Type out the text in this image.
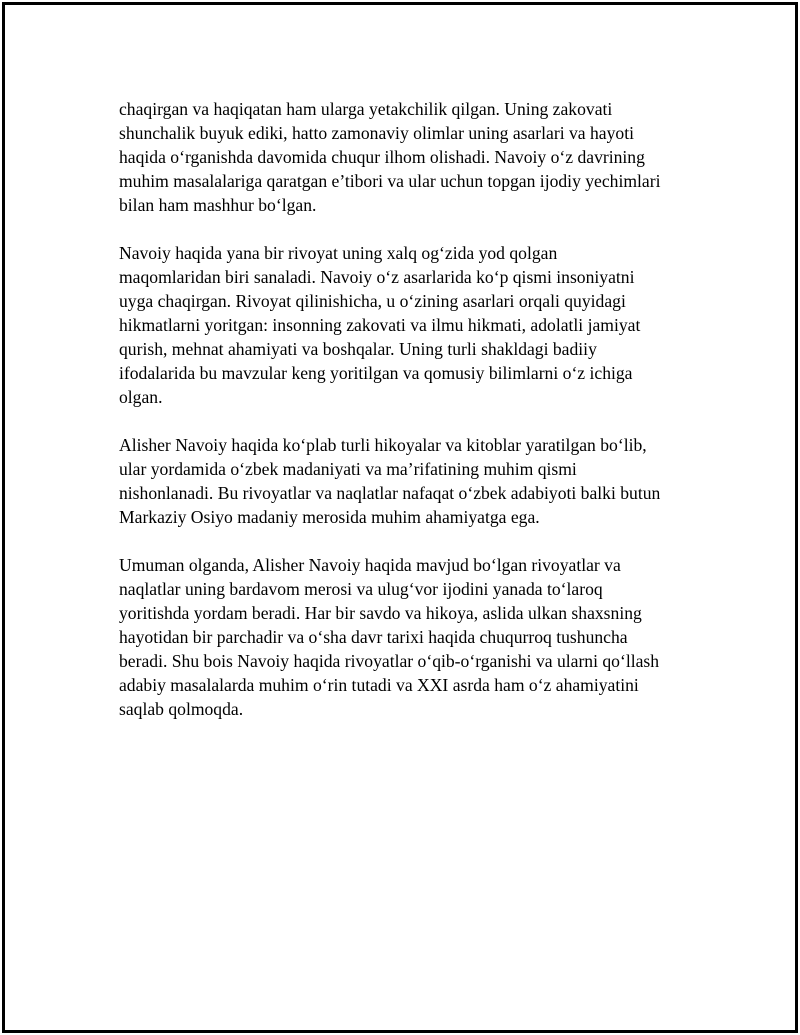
chaqirgan va haqiqatan ham ularga yetakchilik qilgan. Uning zakovati
shunchalik buyuk ediki, hatto zamonaviy olimlar uning asarlari va hayoti
haqida o‘rganishda davomida chuqur ilhom olishadi. Navoiy o‘z davrining
muhim masalalariga qaratgan e’tibori va ular uchun topgan ijodiy yechimlari
bilan ham mashhur bo‘lgan.

Navoiy haqida yana bir rivoyat uning xalq og‘zida yod qolgan
maqomlaridan biri sanaladi. Navoiy o‘z asarlarida ko‘p qismi insoniyatni
uyga chaqirgan. Rivoyat qilinishicha, u o‘zining asarlari orqali quyidagi
hikmatlarni yoritgan: insonning zakovati va ilmu hikmati, adolatli jamiyat
qurish, mehnat ahamiyati va boshqalar. Uning turli shakldagi badiiy
ifodalarida bu mavzular keng yoritilgan va qomusiy bilimlarni o‘z ichiga
olgan.

Alisher Navoiy haqida ko‘plab turli hikoyalar va kitoblar yaratilgan bo‘lib,
ular yordamida o‘zbek madaniyati va ma’rifatining muhim qismi
nishonlanadi. Bu rivoyatlar va naqlatlar nafaqat o‘zbek adabiyoti balki butun
Markaziy Osiyo madaniy merosida muhim ahamiyatga ega.

Umuman olganda, Alisher Navoiy haqida mavjud bo‘lgan rivoyatlar va
naqlatlar uning bardavom merosi va ulug‘vor ijodini yanada to‘laroq
yoritishda yordam beradi. Har bir savdo va hikoya, aslida ulkan shaxsning
hayotidan bir parchadir va o‘sha davr tarixi haqida chuqurroq tushuncha
beradi. Shu bois Navoiy haqida rivoyatlar o‘qib-o‘rganishi va ularni qo‘llash
adabiy masalalarda muhim o‘rin tutadi va XXI asrda ham o‘z ahamiyatini
saqlab qolmoqda.
